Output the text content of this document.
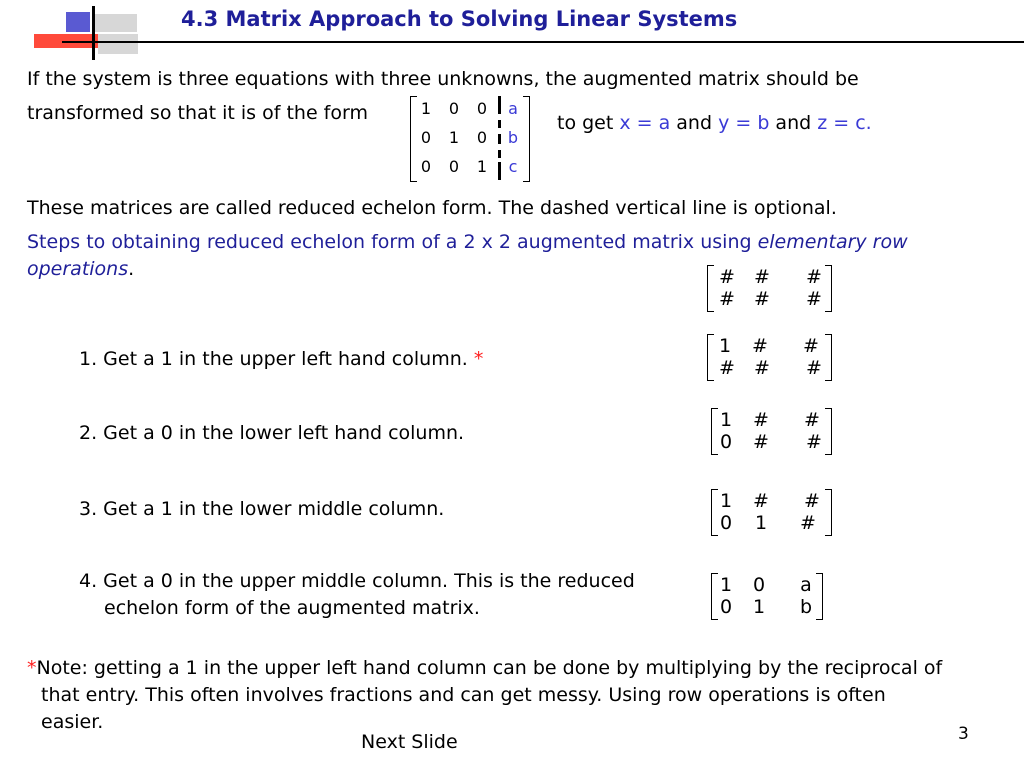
4.3 Matrix Approach to Solving Linear Systems
If the system is three equations with three unknowns, the augmented matrix should be
transformed so that it is of the form	1 0 0 a
0 1 0 b
0 0 1 c
to get x = a and y = b and z = c.
These matrices are called reduced echelon form. The dashed vertical line is optional.
Steps to obtaining reduced echelon form of a 2 x 2 augmented matrix using elementary row
operations.
1. Get a 1 in the upper left hand column. *
2. Get a 0 in the lower left hand column.
3. Get a 1 in the lower middle column.
4. Get a 0 in the upper middle column. This is the reduced
echelon form of the augmented matrix.
# # #
# # #
1 # #
# # #
1 # #
0 # #
1 # #
0 1 #
1 0 a
0 1 b
*Note: getting a 1 in the upper left hand column can be done by multiplying by the reciprocal of
that entry. This often involves fractions and can get messy. Using row operations is often
easier.
Next Slide	3
